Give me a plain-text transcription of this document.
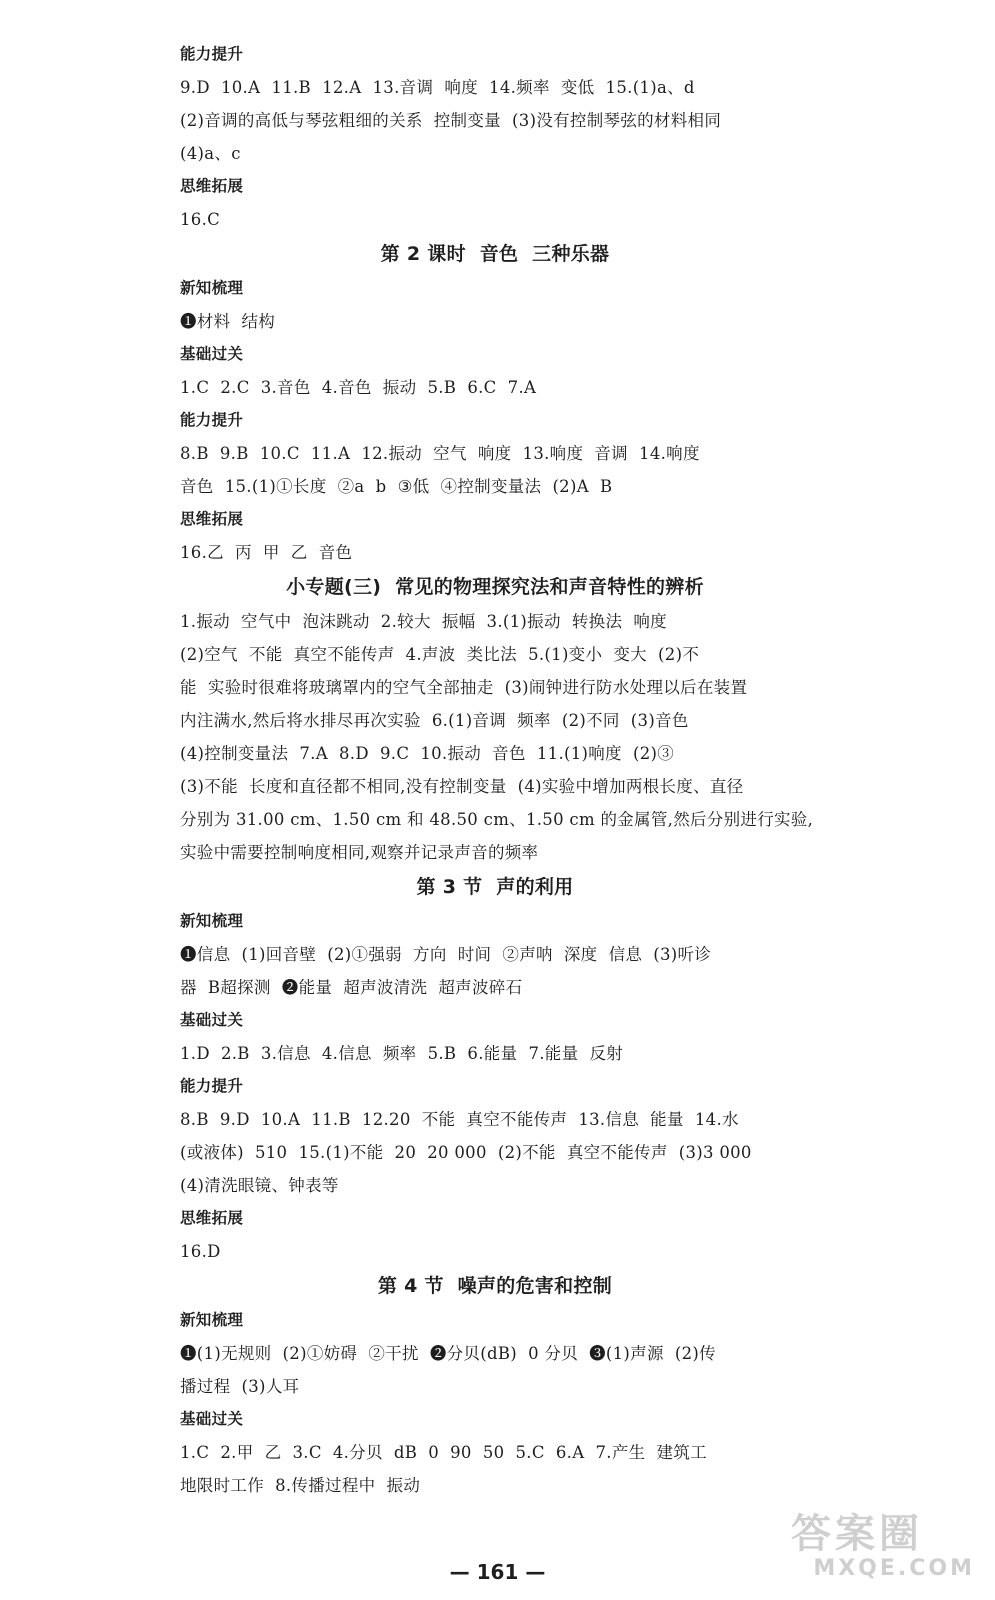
能力提升
9.D  10.A  11.B  12.A  13.音调  响度  14.频率  变低  15.(1)a、d
(2)音调的高低与琴弦粗细的关系  控制变量  (3)没有控制琴弦的材料相同
(4)a、c
思维拓展
16.C
第 2 课时  音色  三种乐器
新知梳理
❶材料  结构
基础过关
1.C  2.C  3.音色  4.音色  振动  5.B  6.C  7.A
能力提升
8.B  9.B  10.C  11.A  12.振动  空气  响度  13.响度  音调  14.响度
音色  15.(1)①长度  ②a  b  ③低  ④控制变量法  (2)A  B
思维拓展
16.乙  丙  甲  乙  音色
小专题(三)  常见的物理探究法和声音特性的辨析
1.振动  空气中  泡沫跳动  2.较大  振幅  3.(1)振动  转换法  响度
(2)空气  不能  真空不能传声  4.声波  类比法  5.(1)变小  变大  (2)不
能  实验时很难将玻璃罩内的空气全部抽走  (3)闹钟进行防水处理以后在装置
内注满水,然后将水排尽再次实验  6.(1)音调  频率  (2)不同  (3)音色
(4)控制变量法  7.A  8.D  9.C  10.振动  音色  11.(1)响度  (2)③
(3)不能  长度和直径都不相同,没有控制变量  (4)实验中增加两根长度、直径
分别为 31.00 cm、1.50 cm 和 48.50 cm、1.50 cm 的金属管,然后分别进行实验,
实验中需要控制响度相同,观察并记录声音的频率
第 3 节  声的利用
新知梳理
❶信息  (1)回音壁  (2)①强弱  方向  时间  ②声呐  深度  信息  (3)听诊
器  B超探测  ❷能量  超声波清洗  超声波碎石
基础过关
1.D  2.B  3.信息  4.信息  频率  5.B  6.能量  7.能量  反射
能力提升
8.B  9.D  10.A  11.B  12.20  不能  真空不能传声  13.信息  能量  14.水
(或液体)  510  15.(1)不能  20  20 000  (2)不能  真空不能传声  (3)3 000
(4)清洗眼镜、钟表等
思维拓展
16.D
第 4 节  噪声的危害和控制
新知梳理
❶(1)无规则  (2)①妨碍  ②干扰  ❷分贝(dB)  0 分贝  ❸(1)声源  (2)传
播过程  (3)人耳
基础过关
1.C  2.甲  乙  3.C  4.分贝  dB  0  90  50  5.C  6.A  7.产生  建筑工
地限时工作  8.传播过程中  振动
— 161 —
答案圈
MXQE.COM
